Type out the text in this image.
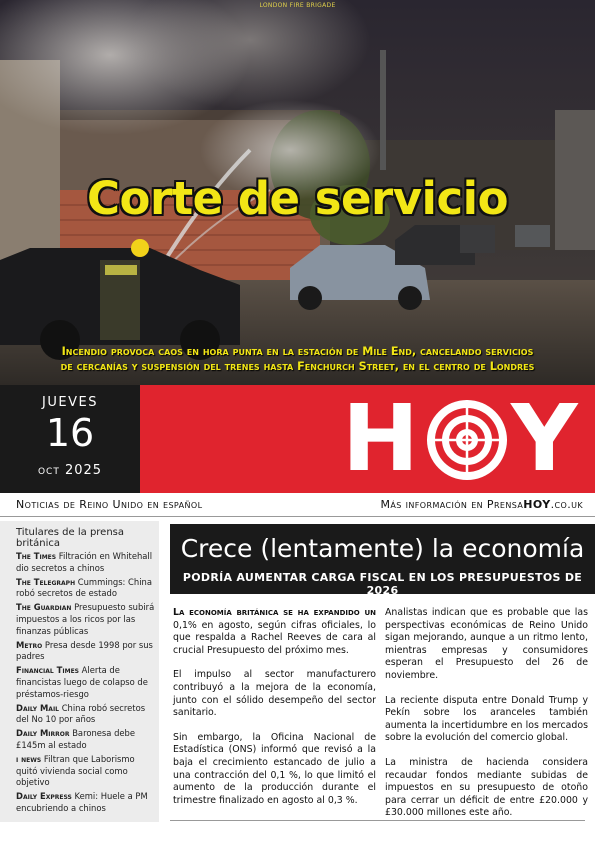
LONDON FIRE BRIGADE
Corte de servicio
Incendio provoca caos en hora punta en la estación de Mile End, cancelando servicios
de cercanías y suspensión del trenes hasta Fenchurch Street, en el centro de Londres
JUEVES
16
oct 2025	H Y
Noticias de Reino Unido en español	Más información en PrensaHOY.co.uk
Titulares de la prensa británica
The Times Filtración en Whitehall dio secretos a chinos
The Telegraph Cummings: China robó secretos de estado
The Guardian Presupuesto subirá impuestos a los ricos por las finanzas públicas
Metro Presa desde 1998 por sus padres
Financial Times Alerta de financistas luego de colapso de préstamos-riesgo
Daily Mail China robó secretos del No 10 por años
Daily Mirror Baronesa debe £145m al estado
i news Filtran que Laborismo quitó vivienda social como objetivo
Daily Express Kemi: Huele a PM encubriendo a chinos
Crece (lentamente) la economía
PODRÍA AUMENTAR CARGA FISCAL EN LOS PRESUPUESTOS DE 2026

La economía británica se ha expandido un 0,1% en agosto, según cifras oficiales, lo que respalda a Rachel Reeves de cara al crucial Presupuesto del próximo mes.

El impulso al sector manufacturero contribuyó a la mejora de la economía, junto con el sólido desempeño del sector sanitario.

Sin embargo, la Oficina Nacional de Estadística (ONS) informó que revisó a la baja el crecimiento estancado de julio a una contracción del 0,1 %, lo que limitó el aumento de la producción durante el trimestre finalizado en agosto al 0,3 %.

Analistas indican que es probable que las perspectivas económicas de Reino Unido sigan mejorando, aunque a un ritmo lento, mientras empresas y consumidores esperan el Presupuesto del 26 de noviembre.

La reciente disputa entre Donald Trump y Pekín sobre los aranceles también aumenta la incertidumbre en los mercados sobre la evolución del comercio global.

La ministra de hacienda considera recaudar fondos mediante subidas de impuestos en su presupuesto de otoño para cerrar un déficit de entre £20.000 y £30.000 millones este año.
